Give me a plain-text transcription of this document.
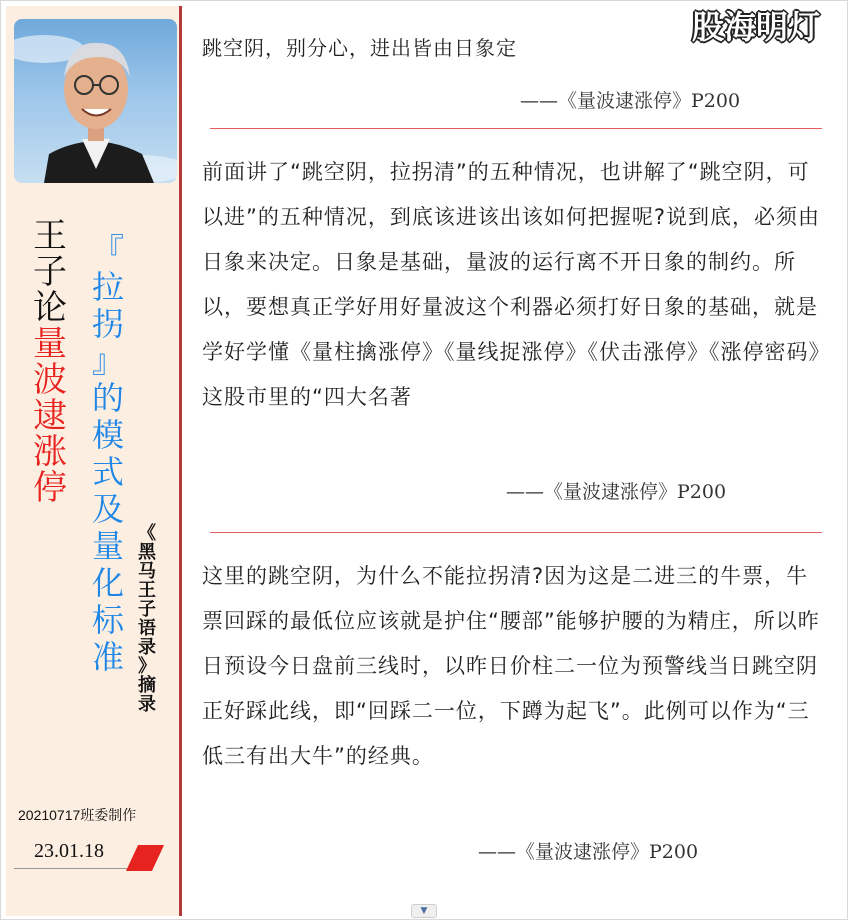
王
子
论
量
波
逮
涨
停
『
拉
拐
』
的
模
式
及
量
化
标
准
《
黑
马
王
子
语
录
》
摘
录
20210717班委制作
23.01.18
跳空阴，别分心，进出皆由日象定
——《量波逮涨停》P200
前面讲了“跳空阴，拉拐清”的五种情况，也讲解了“跳空阴，可以进”的五种情况，到底该进该出该如何把握呢?说到底，必须由日象来决定。日象是基础，量波的运行离不开日象的制约。所以，要想真正学好用好量波这个利器必须打好日象的基础，就是学好学懂《量柱擒涨停》《量线捉涨停》《伏击涨停》《涨停密码》这股市里的“四大名著
——《量波逮涨停》P200
这里的跳空阴，为什么不能拉拐清?因为这是二进三的牛票，牛票回踩的最低位应该就是护住“腰部”能够护腰的为精庄，所以昨日预设今日盘前三线时，以昨日价柱二一位为预警线当日跳空阴正好踩此线，即“回踩二一位，下蹲为起飞”。此例可以作为“三低三有出大牛”的经典。
——《量波逮涨停》P200
股海明灯
▼
